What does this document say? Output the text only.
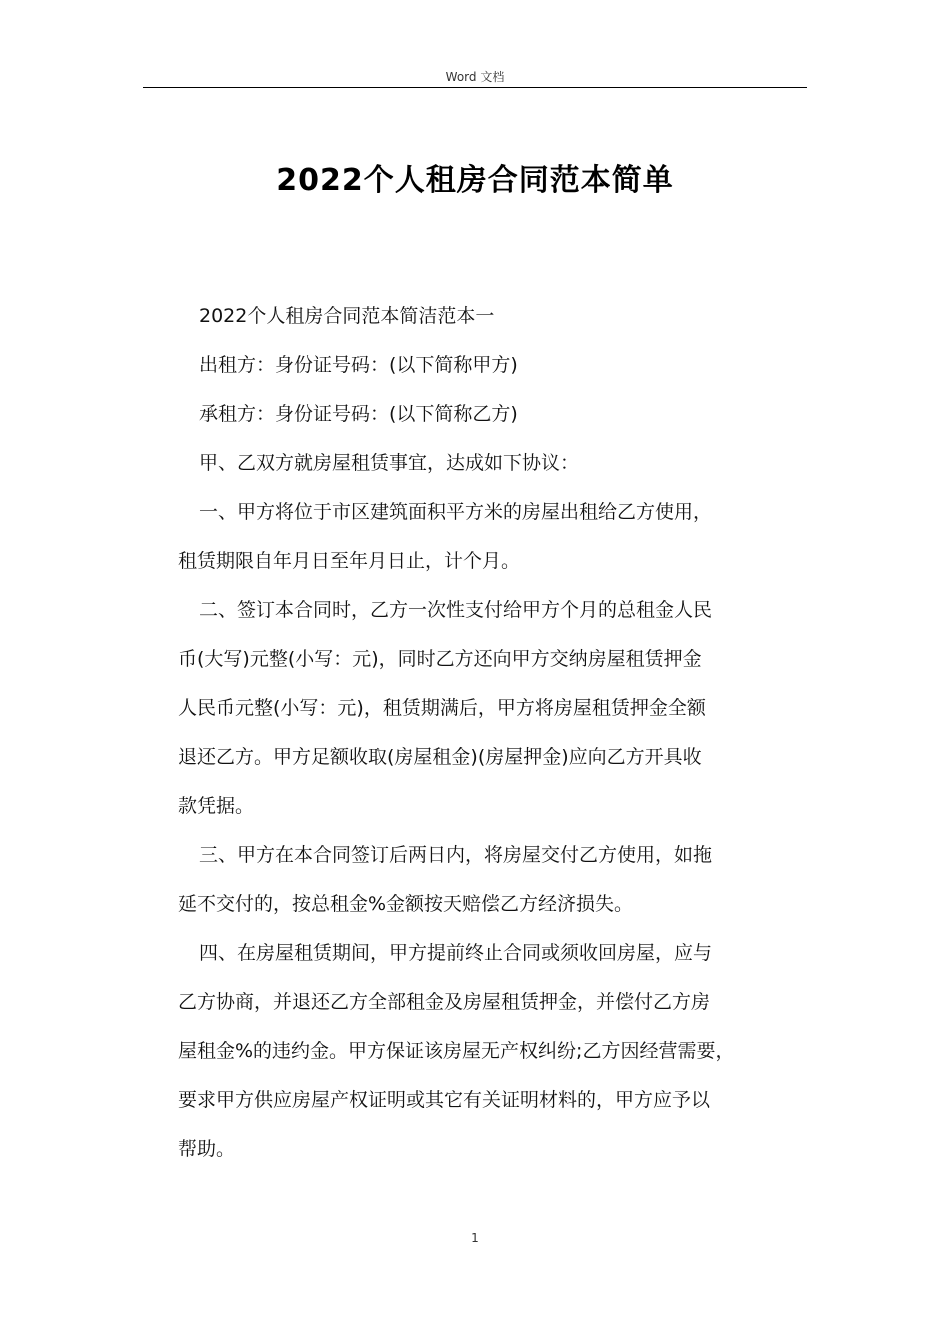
Word 文档
2022个人租房合同范本简单

2022个人租房合同范本简洁范本一

出租方：身份证号码：(以下简称甲方)

承租方：身份证号码：(以下简称乙方)

甲、乙双方就房屋租赁事宜，达成如下协议：

一、甲方将位于市区建筑面积平方米的房屋出租给乙方使用，

租赁期限自年月日至年月日止，计个月。

二、签订本合同时，乙方一次性支付给甲方个月的总租金人民

币(大写)元整(小写：元)，同时乙方还向甲方交纳房屋租赁押金

人民币元整(小写：元)，租赁期满后，甲方将房屋租赁押金全额

退还乙方。甲方足额收取(房屋租金)(房屋押金)应向乙方开具收

款凭据。

三、甲方在本合同签订后两日内，将房屋交付乙方使用，如拖

延不交付的，按总租金%金额按天赔偿乙方经济损失。

四、在房屋租赁期间，甲方提前终止合同或须收回房屋，应与

乙方协商，并退还乙方全部租金及房屋租赁押金，并偿付乙方房

屋租金%的违约金。甲方保证该房屋无产权纠纷;乙方因经营需要，

要求甲方供应房屋产权证明或其它有关证明材料的，甲方应予以

帮助。

1
